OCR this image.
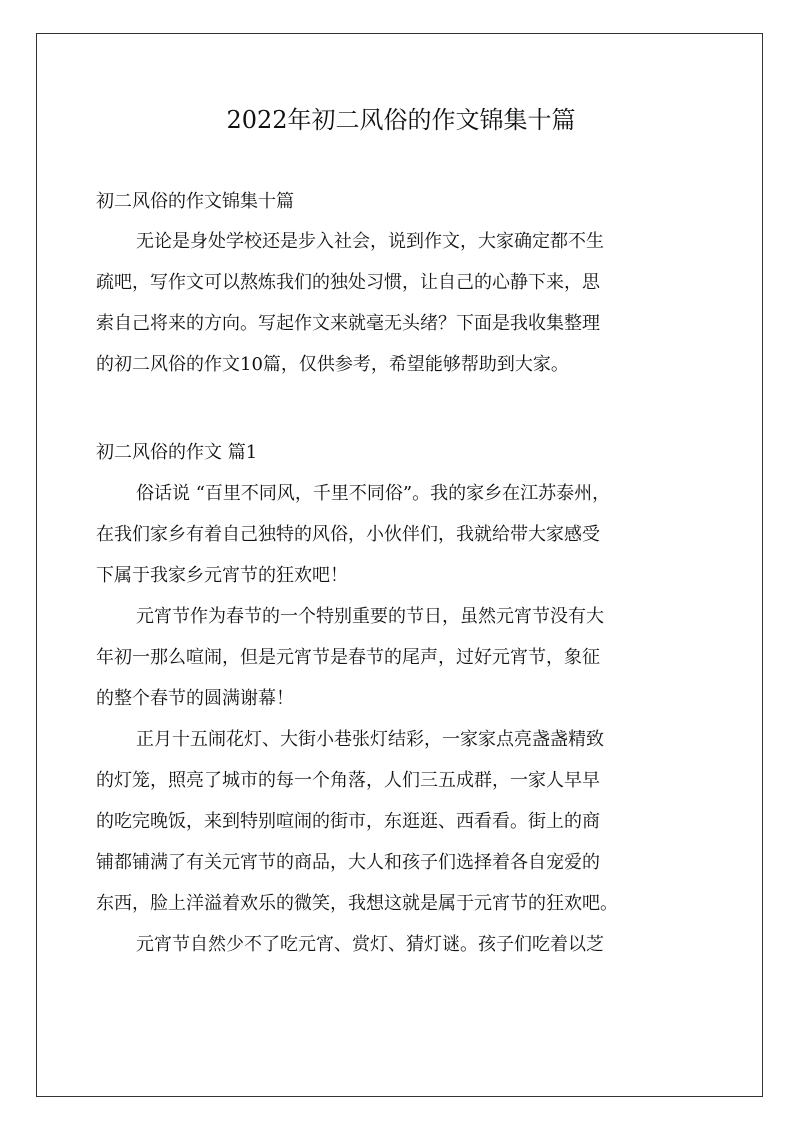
2022年初二风俗的作文锦集十篇

初二风俗的作文锦集十篇

无论是身处学校还是步入社会，说到作文，大家确定都不生

疏吧，写作文可以熬炼我们的独处习惯，让自己的心静下来，思

索自己将来的方向。写起作文来就毫无头绪？下面是我收集整理

的初二风俗的作文10篇，仅供参考，希望能够帮助到大家。

初二风俗的作文 篇1

俗话说 “百里不同风，千里不同俗”。我的家乡在江苏泰州，

在我们家乡有着自己独特的风俗，小伙伴们，我就给带大家感受

下属于我家乡元宵节的狂欢吧！

元宵节作为春节的一个特别重要的节日，虽然元宵节没有大

年初一那么喧闹，但是元宵节是春节的尾声，过好元宵节，象征

的整个春节的圆满谢幕！

正月十五闹花灯、大街小巷张灯结彩，一家家点亮盏盏精致

的灯笼，照亮了城市的每一个角落，人们三五成群，一家人早早

的吃完晚饭，来到特别喧闹的街市，东逛逛、西看看。街上的商

铺都铺满了有关元宵节的商品，大人和孩子们选择着各自宠爱的

东西，脸上洋溢着欢乐的微笑，我想这就是属于元宵节的狂欢吧。

元宵节自然少不了吃元宵、赏灯、猜灯谜。孩子们吃着以芝
